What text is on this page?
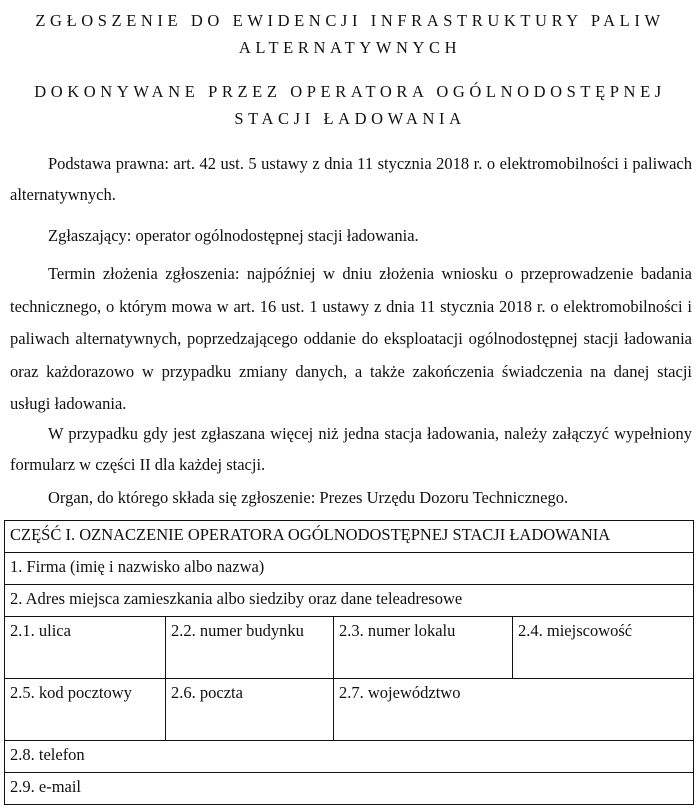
ZGŁOSZENIE DO EWIDENCJI INFRASTRUKTURY PALIW ALTERNATYWNYCH
DOKONYWANE PRZEZ OPERATORA OGÓLNODOSTĘPNEJ STACJI ŁADOWANIA

Podstawa prawna: art. 42 ust. 5 ustawy z dnia 11 stycznia 2018 r. o elektromobilności i paliwach alternatywnych.

Zgłaszający: operator ogólnodostępnej stacji ładowania.

Termin złożenia zgłoszenia: najpóźniej w dniu złożenia wniosku o przeprowadzenie badania technicznego, o którym mowa w art. 16 ust. 1 ustawy z dnia 11 stycznia 2018 r. o elektromobilności i paliwach alternatywnych, poprzedzającego oddanie do eksploatacji ogólnodostępnej stacji ładowania oraz każdorazowo w przypadku zmiany danych, a także zakończenia świadczenia na danej stacji usługi ładowania.

W przypadku gdy jest zgłaszana więcej niż jedna stacja ładowania, należy załączyć wypełniony formularz w części II dla każdej stacji.

Organ, do którego składa się zgłoszenie: Prezes Urzędu Dozoru Technicznego.

CZĘŚĆ I. OZNACZENIE OPERATORA OGÓLNODOSTĘPNEJ STACJI ŁADOWANIA			
1. Firma (imię i nazwisko albo nazwa)			
2. Adres miejsca zamieszkania albo siedziby oraz dane teleadresowe			
2.1. ulica	2.2. numer budynku	2.3. numer lokalu	2.4. miejscowość
2.5. kod pocztowy	2.6. poczta	2.7. województwo	
2.8. telefon			
2.9. e-mail			
